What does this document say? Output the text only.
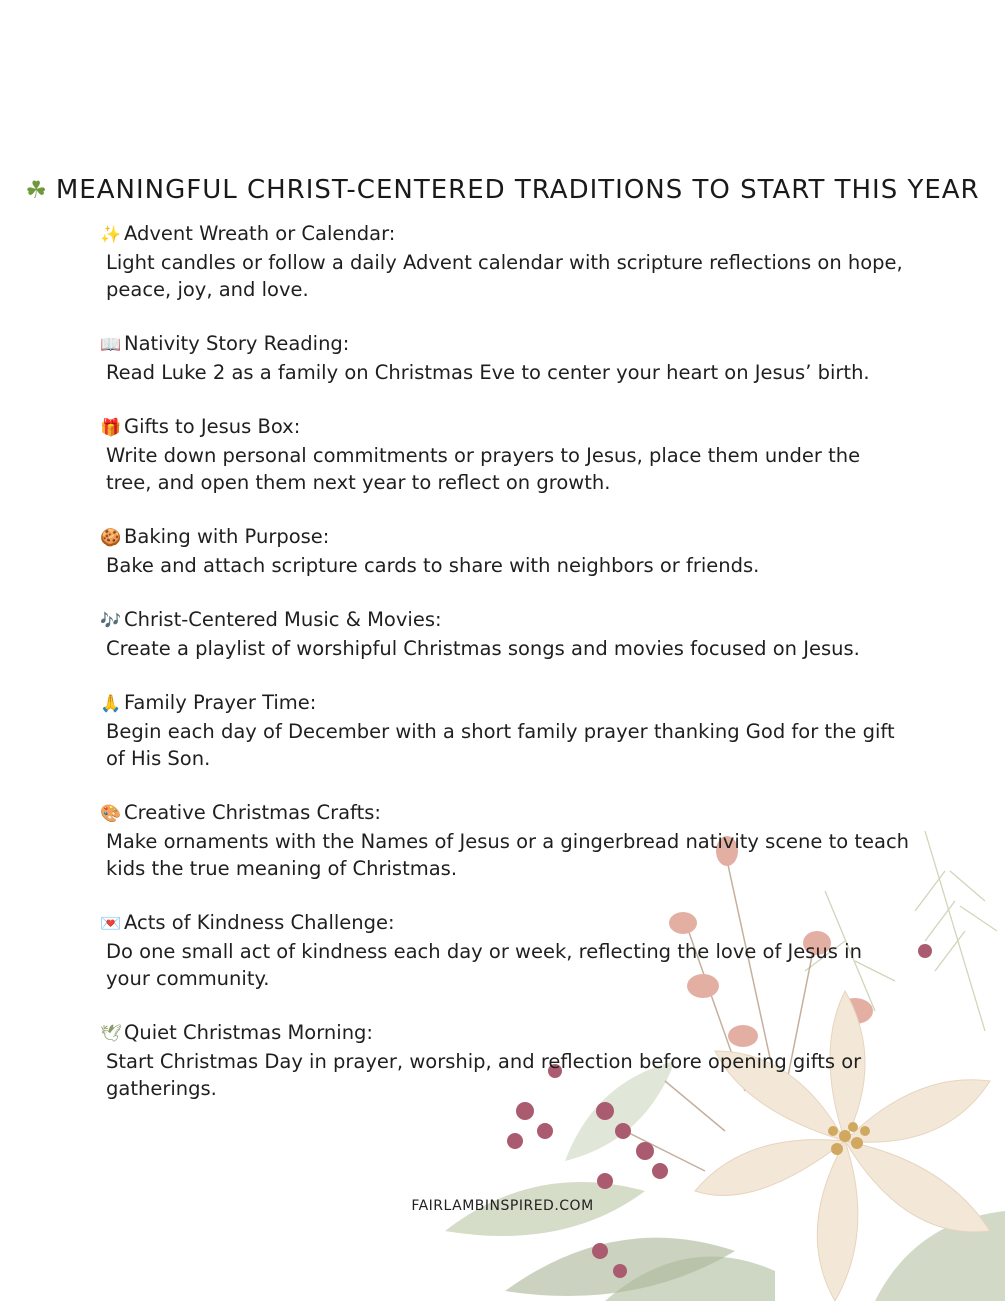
☘ MEANINGFUL CHRIST-CENTERED TRADITIONS TO START THIS YEAR
✨ Advent Wreath or Calendar:
Light candles or follow a daily Advent calendar with scripture reflections on hope, peace, joy, and love.
📖 Nativity Story Reading:
Read Luke 2 as a family on Christmas Eve to center your heart on Jesus’ birth.
🎁 Gifts to Jesus Box:
Write down personal commitments or prayers to Jesus, place them under the tree, and open them next year to reflect on growth.
🍪 Baking with Purpose:
Bake and attach scripture cards to share with neighbors or friends.
🎶 Christ-Centered Music & Movies:
Create a playlist of worshipful Christmas songs and movies focused on Jesus.
🙏 Family Prayer Time:
Begin each day of December with a short family prayer thanking God for the gift of His Son.
🎨 Creative Christmas Crafts:
Make ornaments with the Names of Jesus or a gingerbread nativity scene to teach kids the true meaning of Christmas.
💌 Acts of Kindness Challenge:
Do one small act of kindness each day or week, reflecting the love of Jesus in your community.
🕊 Quiet Christmas Morning:
Start Christmas Day in prayer, worship, and reflection before opening gifts or gatherings.
FAIRLAMBINSPIRED.COM
